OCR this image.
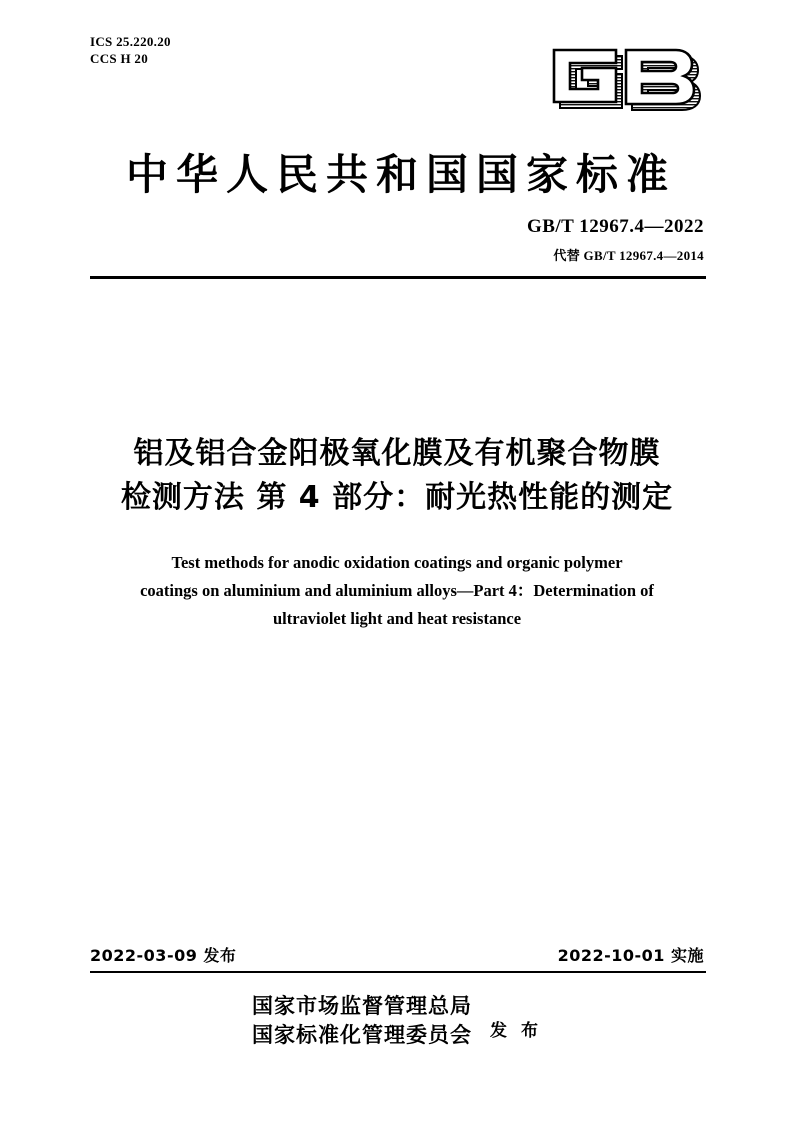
ICS 25.220.20
CCS H 20
中华人民共和国国家标准
GB/T 12967.4—2022
代替 GB/T 12967.4—2014
铝及铝合金阳极氧化膜及有机聚合物膜
检测方法 第 4 部分：耐光热性能的测定
Test methods for anodic oxidation coatings and organic polymer
coatings on aluminium and aluminium alloys—Part 4：Determination of
ultraviolet light and heat resistance
2022-03-09 发布	2022-10-01 实施
国家市场监督管理总局
国家标准化管理委员会 发 布
